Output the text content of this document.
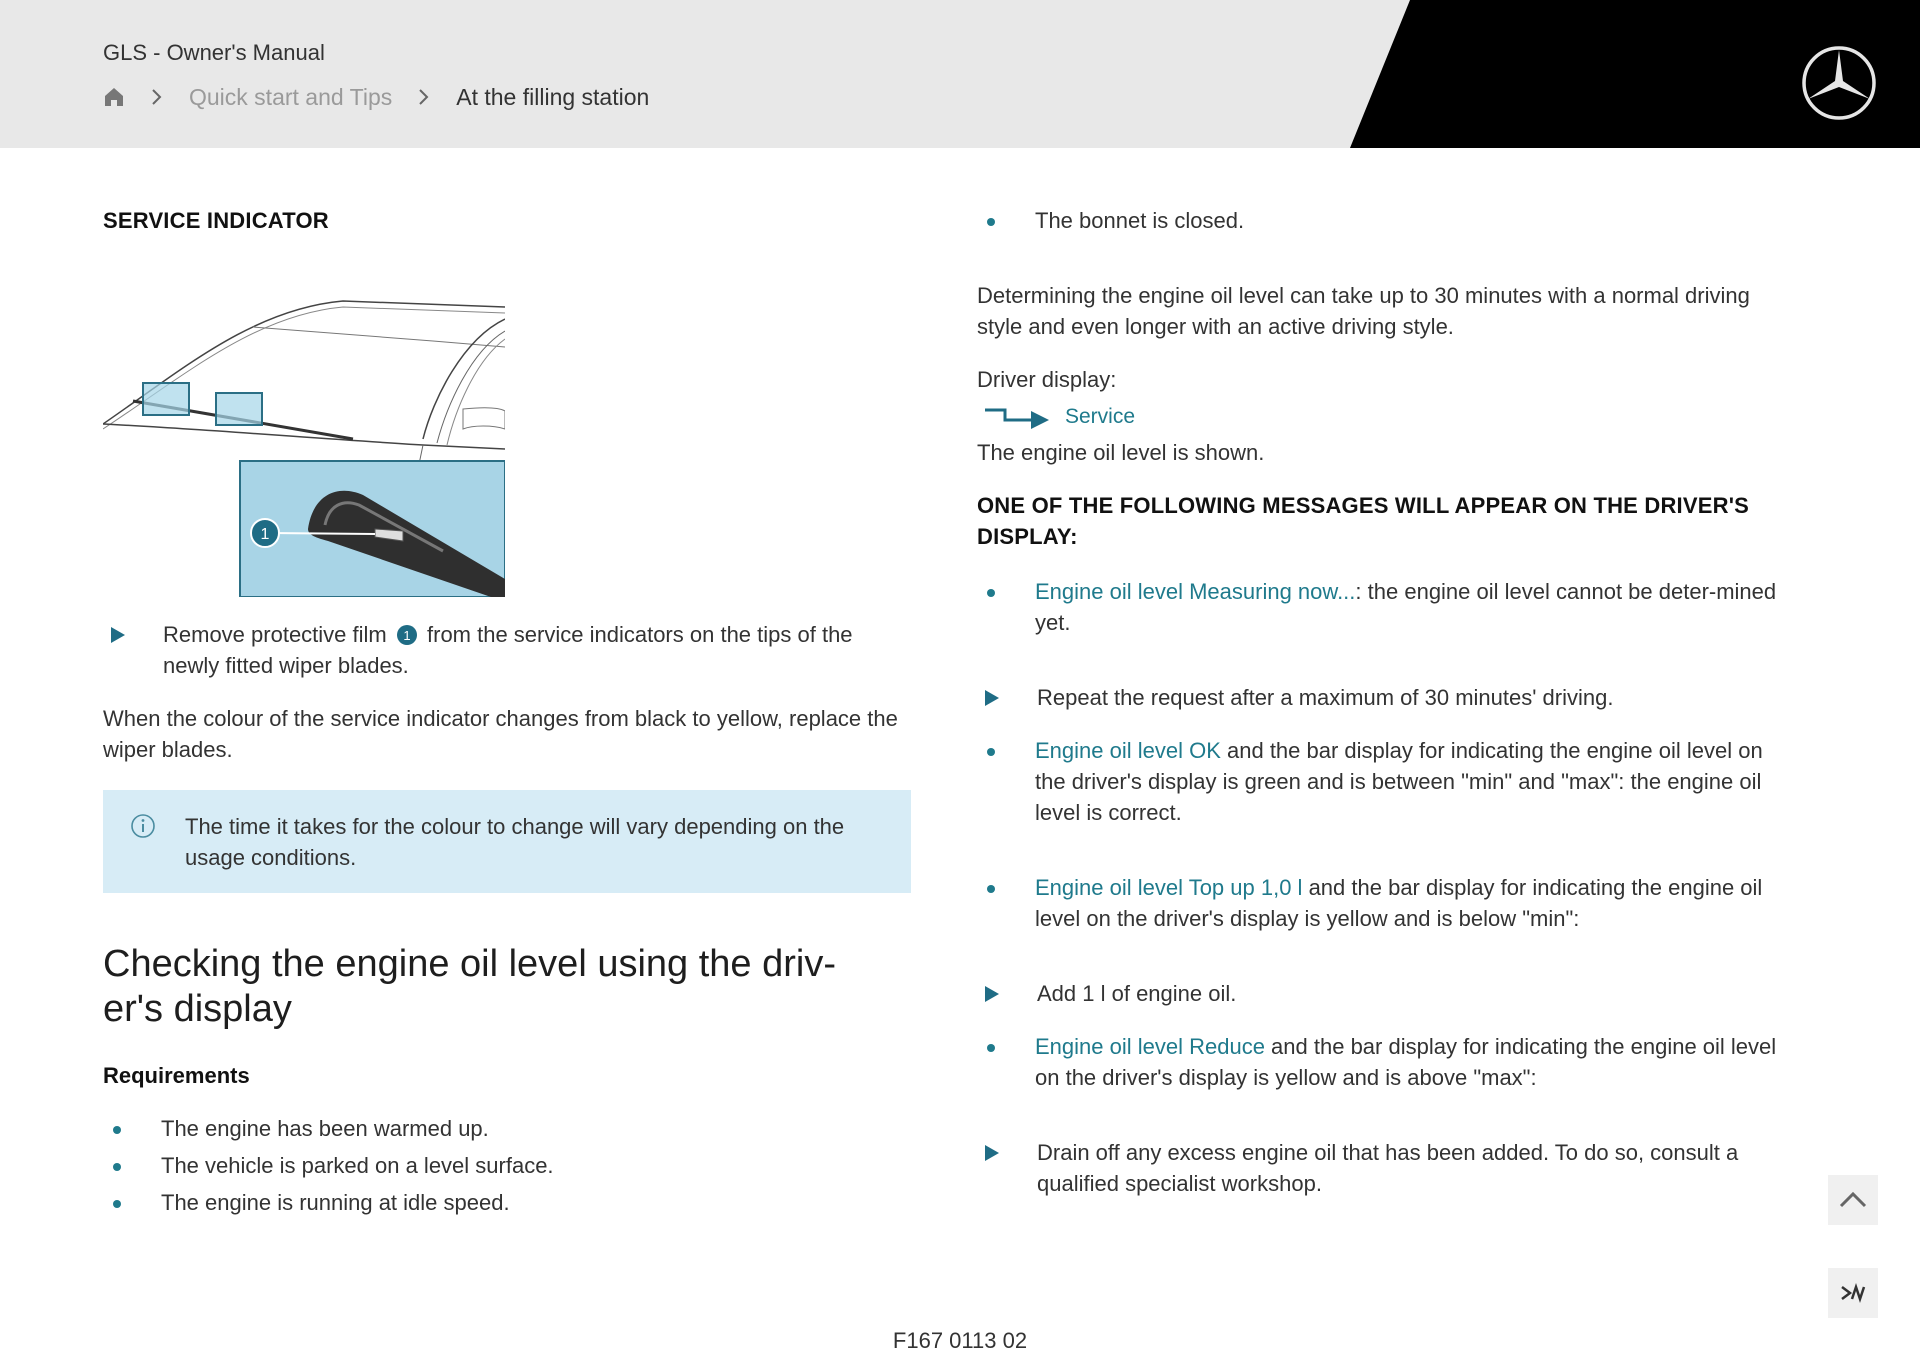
GLS - Owner's Manual
Quick start and Tips	At the filling station
SERVICE INDICATOR
1
Remove protective film 1 from the service indicators on the tips of the newly fitted wiper blades.

When the colour of the service indicator changes from black to yellow, replace the wiper blades.

The time it takes for the colour to change will vary depending on the usage conditions.

Checking the engine oil level using the driv-
er's display
Requirements
The engine has been warmed up.
The vehicle is parked on a level surface.
The engine is running at idle speed.
The bonnet is closed.

Determining the engine oil level can take up to 30 minutes with a normal driving style and even longer with an active driving style.

Driver display:

Service

The engine oil level is shown.

ONE OF THE FOLLOWING MESSAGES WILL APPEAR ON THE DRIVER'S DISPLAY:
Engine oil level Measuring now...: the engine oil level cannot be deter-mined yet.
Repeat the request after a maximum of 30 minutes' driving.
Engine oil level OK and the bar display for indicating the engine oil level on the driver's display is green and is between "min" and "max": the engine oil level is correct.
Engine oil level Top up 1,0 l and the bar display for indicating the engine oil level on the driver's display is yellow and is below "min":
Add 1 l of engine oil.
Engine oil level Reduce and the bar display for indicating the engine oil level on the driver's display is yellow and is above "max":
Drain off any excess engine oil that has been added. To do so, consult a qualified specialist workshop.
F167 0113 02
